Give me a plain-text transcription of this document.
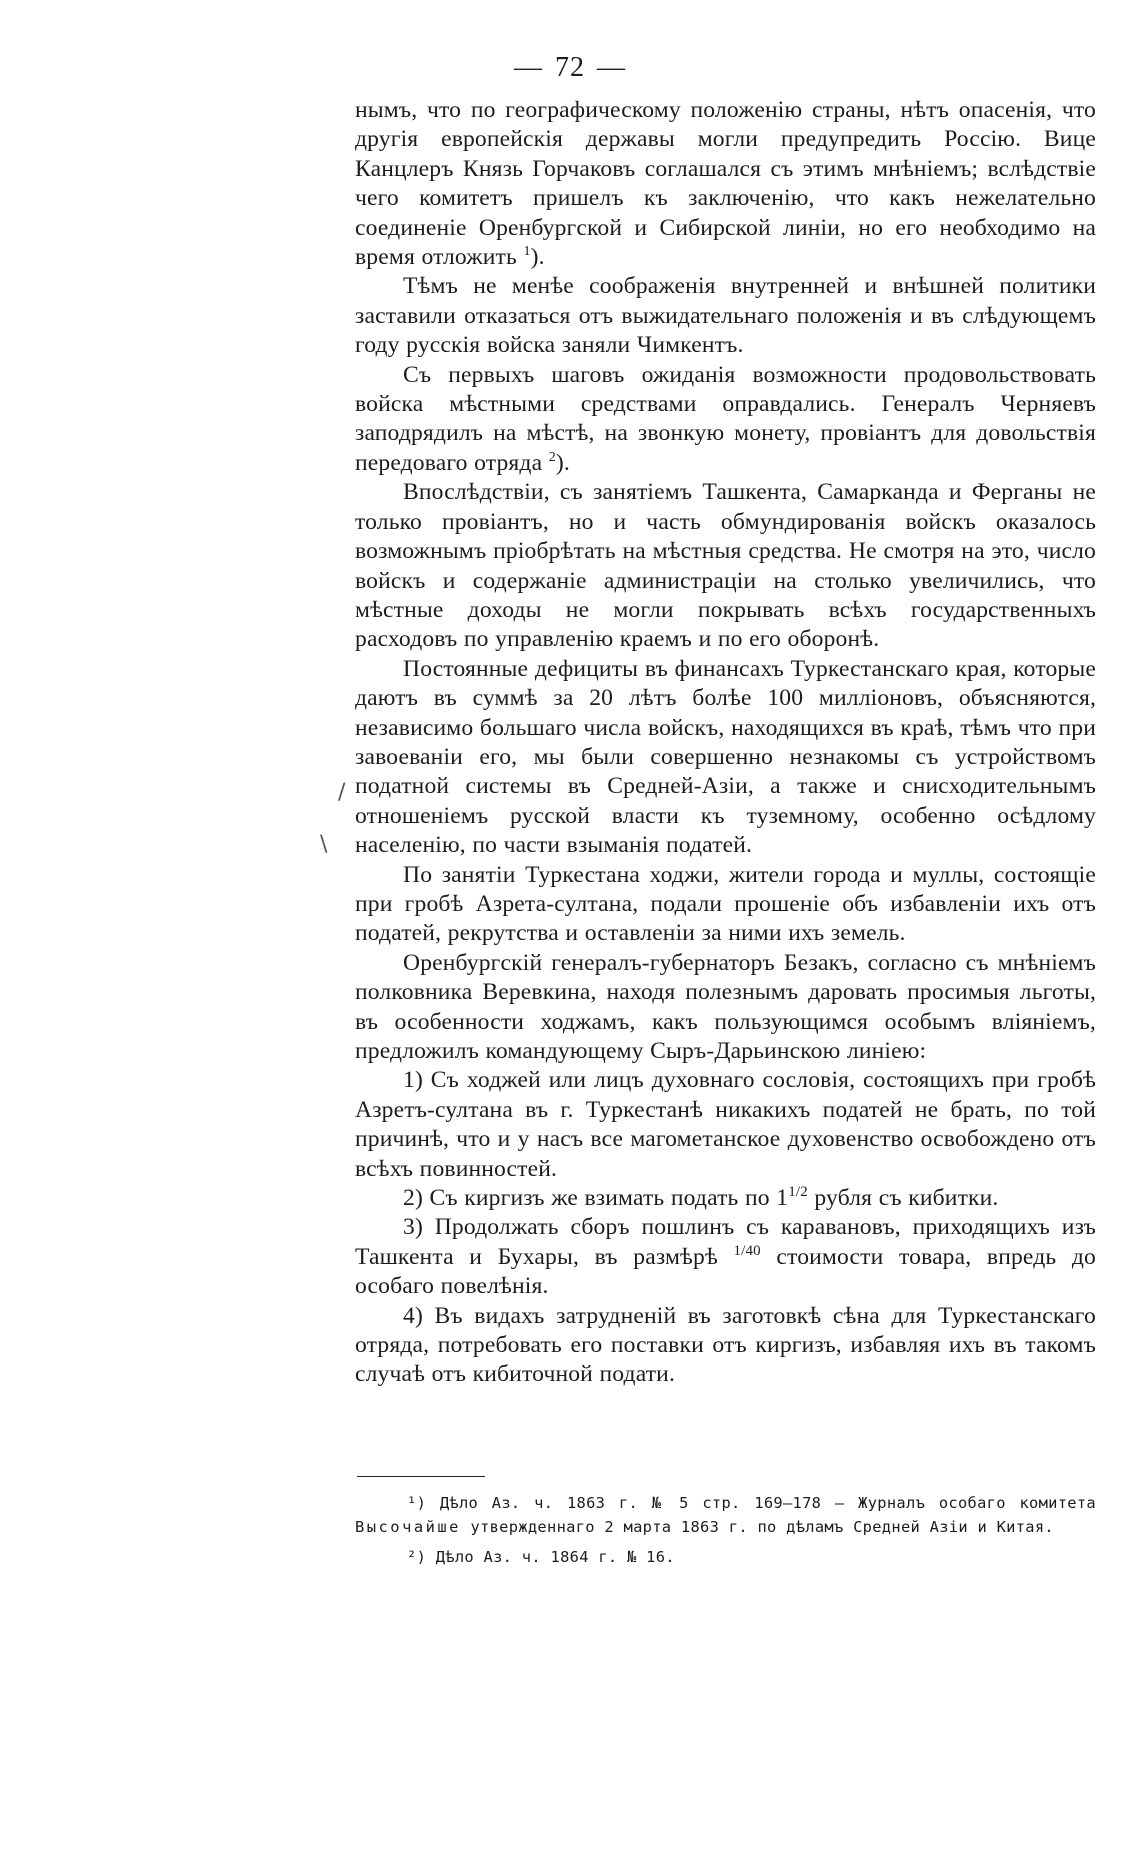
— 72 —

нымъ, что по географическому положенію страны, нѣтъ опасенія, что другія европейскія державы могли предупредить Россію. Вице Канцлеръ Князь Горчаковъ соглашался съ этимъ мнѣніемъ; вслѣдствіе чего комитетъ пришелъ къ заключенію, что какъ нежелательно соединеніе Оренбургской и Сибирской линіи, но его необходимо на время отложить $^1$).

Тѣмъ не менѣе соображенія внутренней и внѣшней политики заставили отказаться отъ выжидательнаго положенія и въ слѣдующемъ году русскія войска заняли Чимкентъ.

Съ первыхъ шаговъ ожиданія возможности продовольствовать войска мѣстными средствами оправдались. Генералъ Черняевъ заподрядилъ на мѣстѣ, на звонкую монету, провіантъ для довольствія передоваго отряда $^2$).

Впослѣдствіи, съ занятіемъ Ташкента, Самарканда и Ферганы не только провіантъ, но и часть обмундированія войскъ оказалось возможнымъ пріобрѣтать на мѣстныя средства. Не смотря на это, число войскъ и содержаніе администраціи на столько увеличились, что мѣстные доходы не могли покрывать всѣхъ государственныхъ расходовъ по управленію краемъ и по его оборонѣ.

Постоянные дефициты въ финансахъ Туркестанскаго края, которые даютъ въ суммѣ за 20 лѣтъ болѣе 100 милліоновъ, объясняются, независимо большаго числа войскъ, находящихся въ краѣ, тѣмъ что при завоеваніи его, мы были совершенно незнакомы съ устройствомъ податной системы въ Средней-Азіи, а также и снисходительнымъ отношеніемъ русской власти къ туземному, особенно осѣдлому населенію, по части взыманія податей.

По занятіи Туркестана ходжи, жители города и муллы, состоящіе при гробѣ Азрета-султана, подали прошеніе объ избавленіи ихъ отъ податей, рекрутства и оставленіи за ними ихъ земель.

Оренбургскій генералъ-губернаторъ Безакъ, согласно съ мнѣніемъ полковника Веревкина, находя полезнымъ даровать просимыя льготы, въ особенности ходжамъ, какъ пользующимся особымъ вліяніемъ, предложилъ командующему Сыръ-Дарьинскою линіею:

1) Съ ходжей или лицъ духовнаго сословія, состоящихъ при гробѣ Азретъ-султана въ г. Туркестанѣ никакихъ податей не брать, по той причинѣ, что и у насъ все магометанское духовенство освобождено отъ всѣхъ повинностей.

2) Съ киргизъ же взимать подать по $1^{1/2}$ рубля съ кибитки.

3) Продолжать сборъ пошлинъ съ каравановъ, приходящихъ изъ Ташкента и Бухары, въ размѣрѣ $^{1/40}$ стоимости товара, впредь до особаго повелѣнія.

4) Въ видахъ затрудненій въ заготовкѣ сѣна для Туркестанскаго отряда, потребовать его поставки отъ киргизъ, избавляя ихъ въ такомъ случаѣ отъ кибиточной подати.

¹) Дѣло Аз. ч. 1863 г. № 5 стр. 169—178 — Журналъ особаго комитета Высочайше утвержденнаго 2 марта 1863 г. по дѣламъ Средней Азіи и Китая.

²) Дѣло Аз. ч. 1864 г. № 16.

/
\
